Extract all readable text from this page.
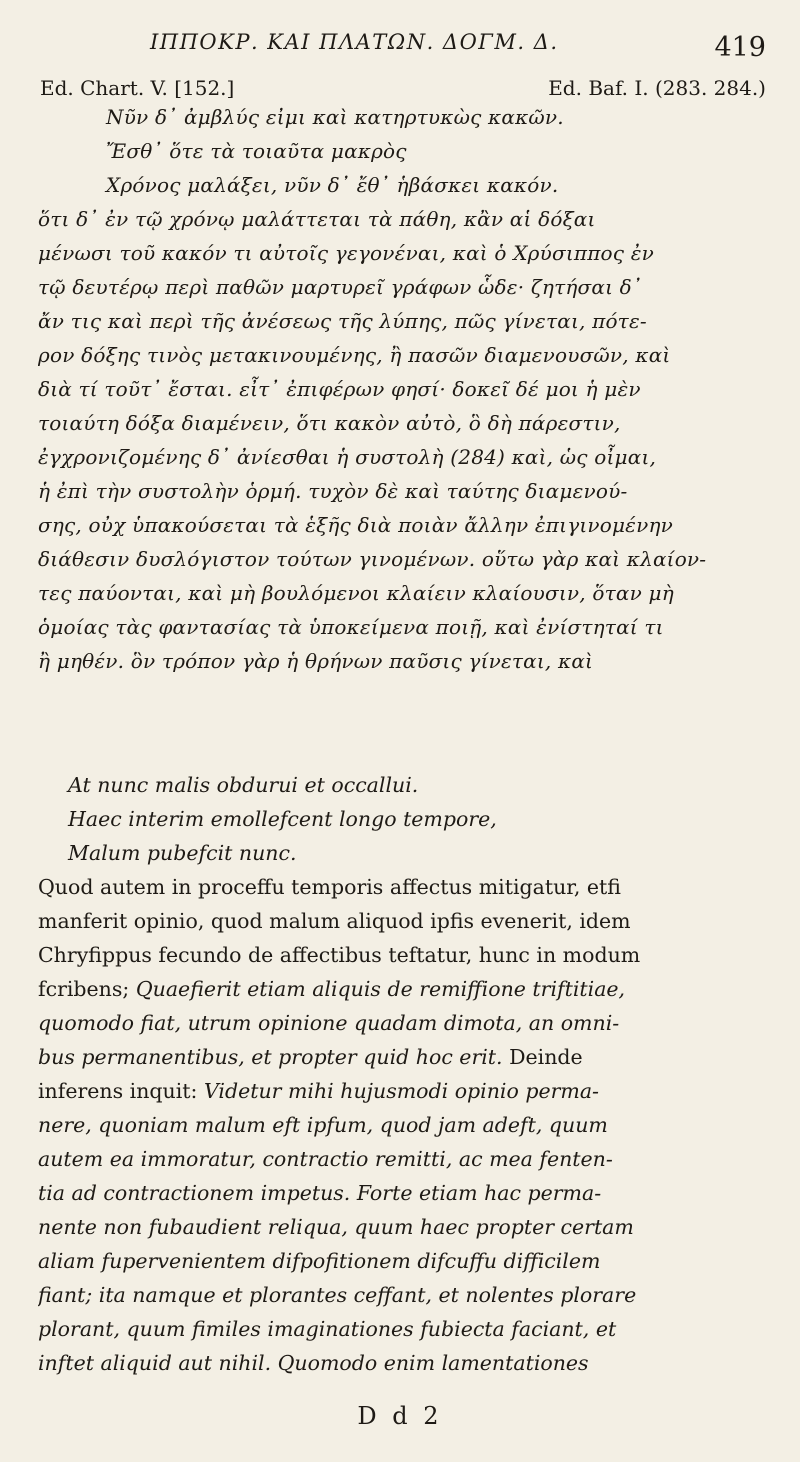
ΙΠΠΟΚΡ. ΚΑΙ ΠΛΑΤΩΝ. ΔΟΓΜ. Δ.	419
Ed. Chart. V. [152.]	Ed. Baf. I. (283. 284.)
Νῦν δ᾽ ἀμβλύς εἰμι καὶ κατηρτυκὼς κακῶν.
Ἔσθ᾽ ὅτε τὰ τοιαῦτα μακρὸς
Χρόνος μαλάξει, νῦν δ᾽ ἔθ᾽ ἡβάσκει κακόν.
ὅτι δ᾽ ἐν τῷ χρόνῳ μαλάττεται τὰ πάθη, κἂν αἱ δόξαι
μένωσι τοῦ κακόν τι αὐτοῖς γεγονέναι, καὶ ὁ Χρύσιππος ἐν
τῷ δευτέρῳ περὶ παθῶν μαρτυρεῖ γράφων ὧδε· ζητήσαι δ᾽
ἄν τις καὶ περὶ τῆς ἀνέσεως τῆς λύπης, πῶς γίνεται, πότε-
ρον δόξης τινὸς μετακινουμένης, ἢ πασῶν διαμενουσῶν, καὶ
διὰ τί τοῦτ᾽ ἔσται. εἶτ᾽ ἐπιφέρων φησί· δοκεῖ δέ μοι ἡ μὲν
τοιαύτη δόξα διαμένειν, ὅτι κακὸν αὐτὸ, ὃ δὴ πάρεστιν,
ἐγχρονιζομένης δ᾽ ἀνίεσθαι ἡ συστολὴ (284) καὶ, ὡς οἶμαι,
ἡ ἐπὶ τὴν συστολὴν ὁρμή. τυχὸν δὲ καὶ ταύτης διαμενού-
σης, οὐχ ὑπακούσεται τὰ ἑξῆς διὰ ποιὰν ἄλλην ἐπιγινομένην
διάθεσιν δυσλόγιστον τούτων γινομένων. οὕτω γὰρ καὶ κλαίον-
τες παύονται, καὶ μὴ βουλόμενοι κλαίειν κλαίουσιν, ὅταν μὴ
ὁμοίας τὰς φαντασίας τὰ ὑποκείμενα ποιῇ, καὶ ἐνίστηταί τι
ἢ μηθέν. ὃν τρόπον γὰρ ἡ θρήνων παῦσις γίνεται, καὶ
At nunc malis obdurui et occallui.
Haec interim emollefcent longo tempore,
Malum pubefcit nunc.
Quod autem in proceffu temporis affectus mitigatur, etfi
manferit opinio, quod malum aliquod ipfis evenerit, idem
Chryfippus fecundo de affectibus teftatur, hunc in modum
fcribens; Quaefierit etiam aliquis de remiffione triftitiae,
quomodo fiat, utrum opinione quadam dimota, an omni-
bus permanentibus, et propter quid hoc erit. Deinde
inferens inquit: Videtur mihi hujusmodi opinio perma-
nere, quoniam malum eft ipfum, quod jam adeft, quum
autem ea immoratur, contractio remitti, ac mea fenten-
tia ad contractionem impetus. Forte etiam hac perma-
nente non fubaudient reliqua, quum haec propter certam
aliam fupervenientem difpofitionem difcuffu difficilem
fiant; ita namque et plorantes ceffant, et nolentes plorare
plorant, quum fimiles imaginationes fubiecta faciant, et
inftet aliquid aut nihil. Quomodo enim lamentationes
D d 2
